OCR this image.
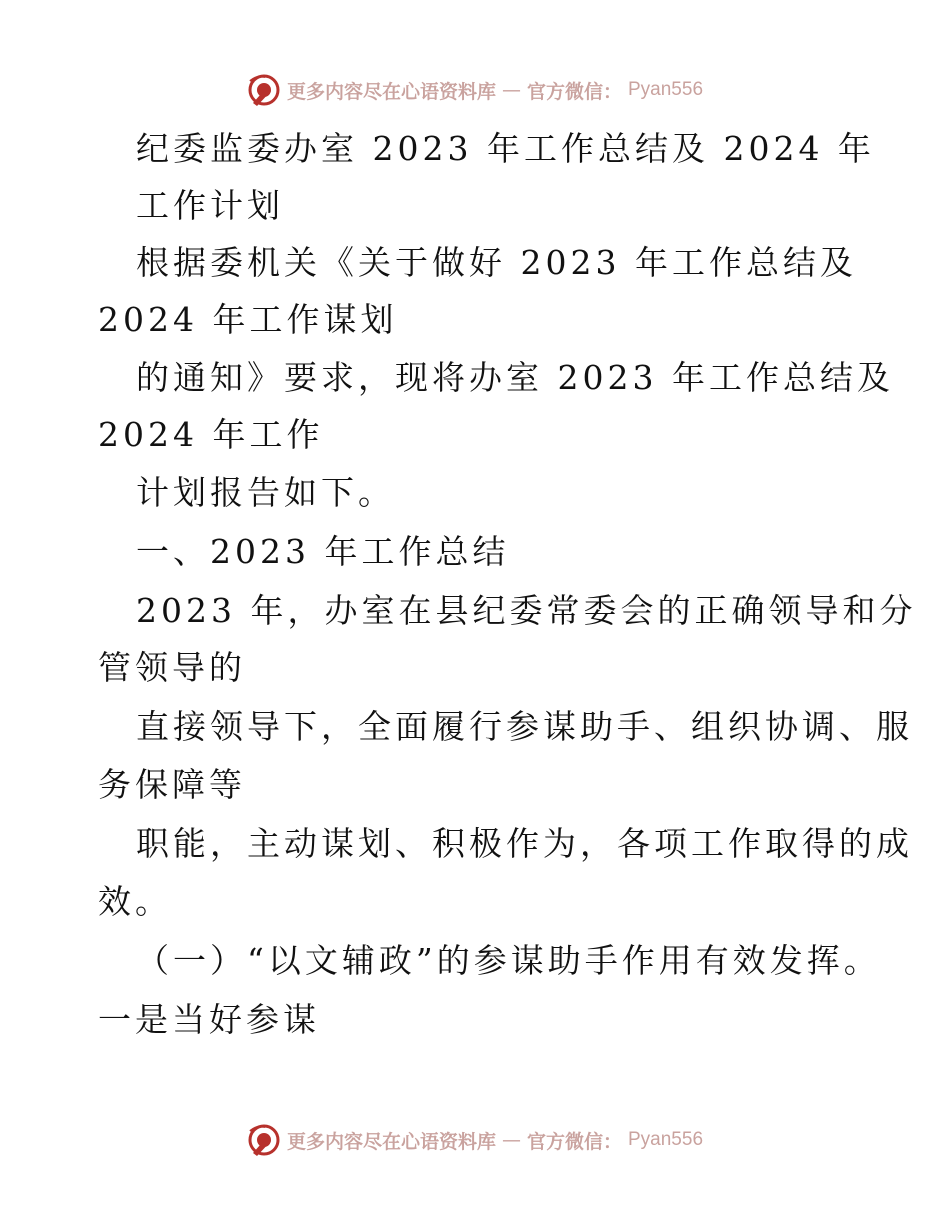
更多内容尽在心语资料库 — 官方微信： Pyan556
纪委监委办室 2023 年工作总结及 2024 年
工作计划
根据委机关《关于做好 2023 年工作总结及
2024 年工作谋划
的通知》要求，现将办室 2023 年工作总结及
2024 年工作
计划报告如下。
一、2023 年工作总结
2023 年，办室在县纪委常委会的正确领导和分
管领导的
直接领导下，全面履行参谋助手、组织协调、服
务保障等
职能，主动谋划、积极作为，各项工作取得的成
效。
（一）“以文辅政”的参谋助手作用有效发挥。
一是当好参谋
更多内容尽在心语资料库 — 官方微信： Pyan556
